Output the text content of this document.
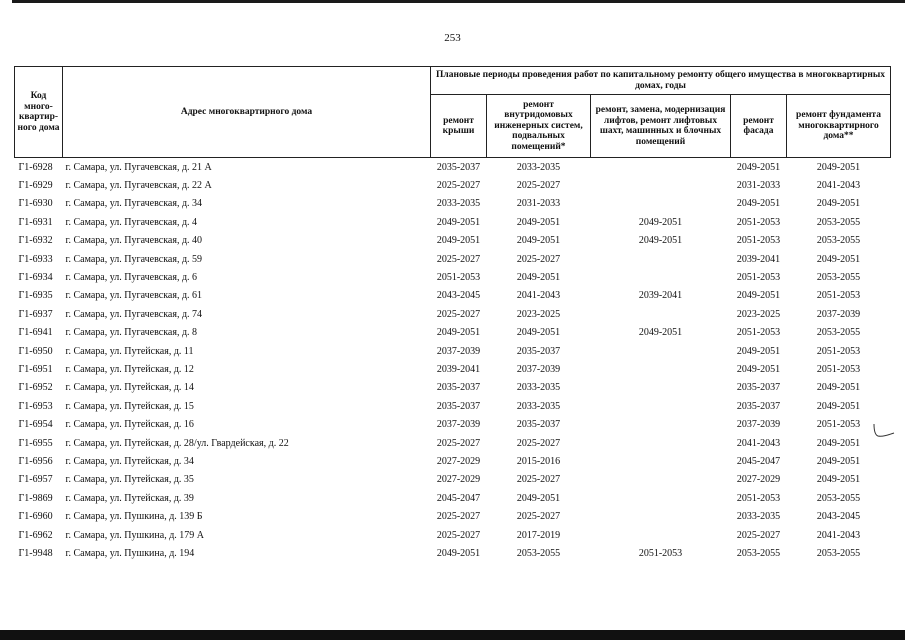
253
Код много-квартир-ного дома	Адрес многоквартирного дома	Плановые периоды проведения работ по капитальному ремонту общего имущества в многоквартирных домах, годы				
		ремонт крыши	ремонт внутридомовых инженерных систем, подвальных помещений*	ремонт, замена, модернизация лифтов, ремонт лифтовых шахт, машинных и блочных помещений	ремонт фасада	ремонт фундамента многоквартирного дома**
Г1-6928	г. Самара, ул. Пугачевская, д. 21 А	2035-2037	2033-2035		2049-2051	2049-2051
Г1-6929	г. Самара, ул. Пугачевская, д. 22 А	2025-2027	2025-2027		2031-2033	2041-2043
Г1-6930	г. Самара, ул. Пугачевская, д. 34	2033-2035	2031-2033		2049-2051	2049-2051
Г1-6931	г. Самара, ул. Пугачевская, д. 4	2049-2051	2049-2051	2049-2051	2051-2053	2053-2055
Г1-6932	г. Самара, ул. Пугачевская, д. 40	2049-2051	2049-2051	2049-2051	2051-2053	2053-2055
Г1-6933	г. Самара, ул. Пугачевская, д. 59	2025-2027	2025-2027		2039-2041	2049-2051
Г1-6934	г. Самара, ул. Пугачевская, д. 6	2051-2053	2049-2051		2051-2053	2053-2055
Г1-6935	г. Самара, ул. Пугачевская, д. 61	2043-2045	2041-2043	2039-2041	2049-2051	2051-2053
Г1-6937	г. Самара, ул. Пугачевская, д. 74	2025-2027	2023-2025		2023-2025	2037-2039
Г1-6941	г. Самара, ул. Пугачевская, д. 8	2049-2051	2049-2051	2049-2051	2051-2053	2053-2055
Г1-6950	г. Самара, ул. Путейская, д. 11	2037-2039	2035-2037		2049-2051	2051-2053
Г1-6951	г. Самара, ул. Путейская, д. 12	2039-2041	2037-2039		2049-2051	2051-2053
Г1-6952	г. Самара, ул. Путейская, д. 14	2035-2037	2033-2035		2035-2037	2049-2051
Г1-6953	г. Самара, ул. Путейская, д. 15	2035-2037	2033-2035		2035-2037	2049-2051
Г1-6954	г. Самара, ул. Путейская, д. 16	2037-2039	2035-2037		2037-2039	2051-2053
Г1-6955	г. Самара, ул. Путейская, д. 28/ул. Гвардейская, д. 22	2025-2027	2025-2027		2041-2043	2049-2051
Г1-6956	г. Самара, ул. Путейская, д. 34	2027-2029	2015-2016		2045-2047	2049-2051
Г1-6957	г. Самара, ул. Путейская, д. 35	2027-2029	2025-2027		2027-2029	2049-2051
Г1-9869	г. Самара, ул. Путейская, д. 39	2045-2047	2049-2051		2051-2053	2053-2055
Г1-6960	г. Самара, ул. Пушкина, д. 139 Б	2025-2027	2025-2027		2033-2035	2043-2045
Г1-6962	г. Самара, ул. Пушкина, д. 179 А	2025-2027	2017-2019		2025-2027	2041-2043
Г1-9948	г. Самара, ул. Пушкина, д. 194	2049-2051	2053-2055	2051-2053	2053-2055	2053-2055
